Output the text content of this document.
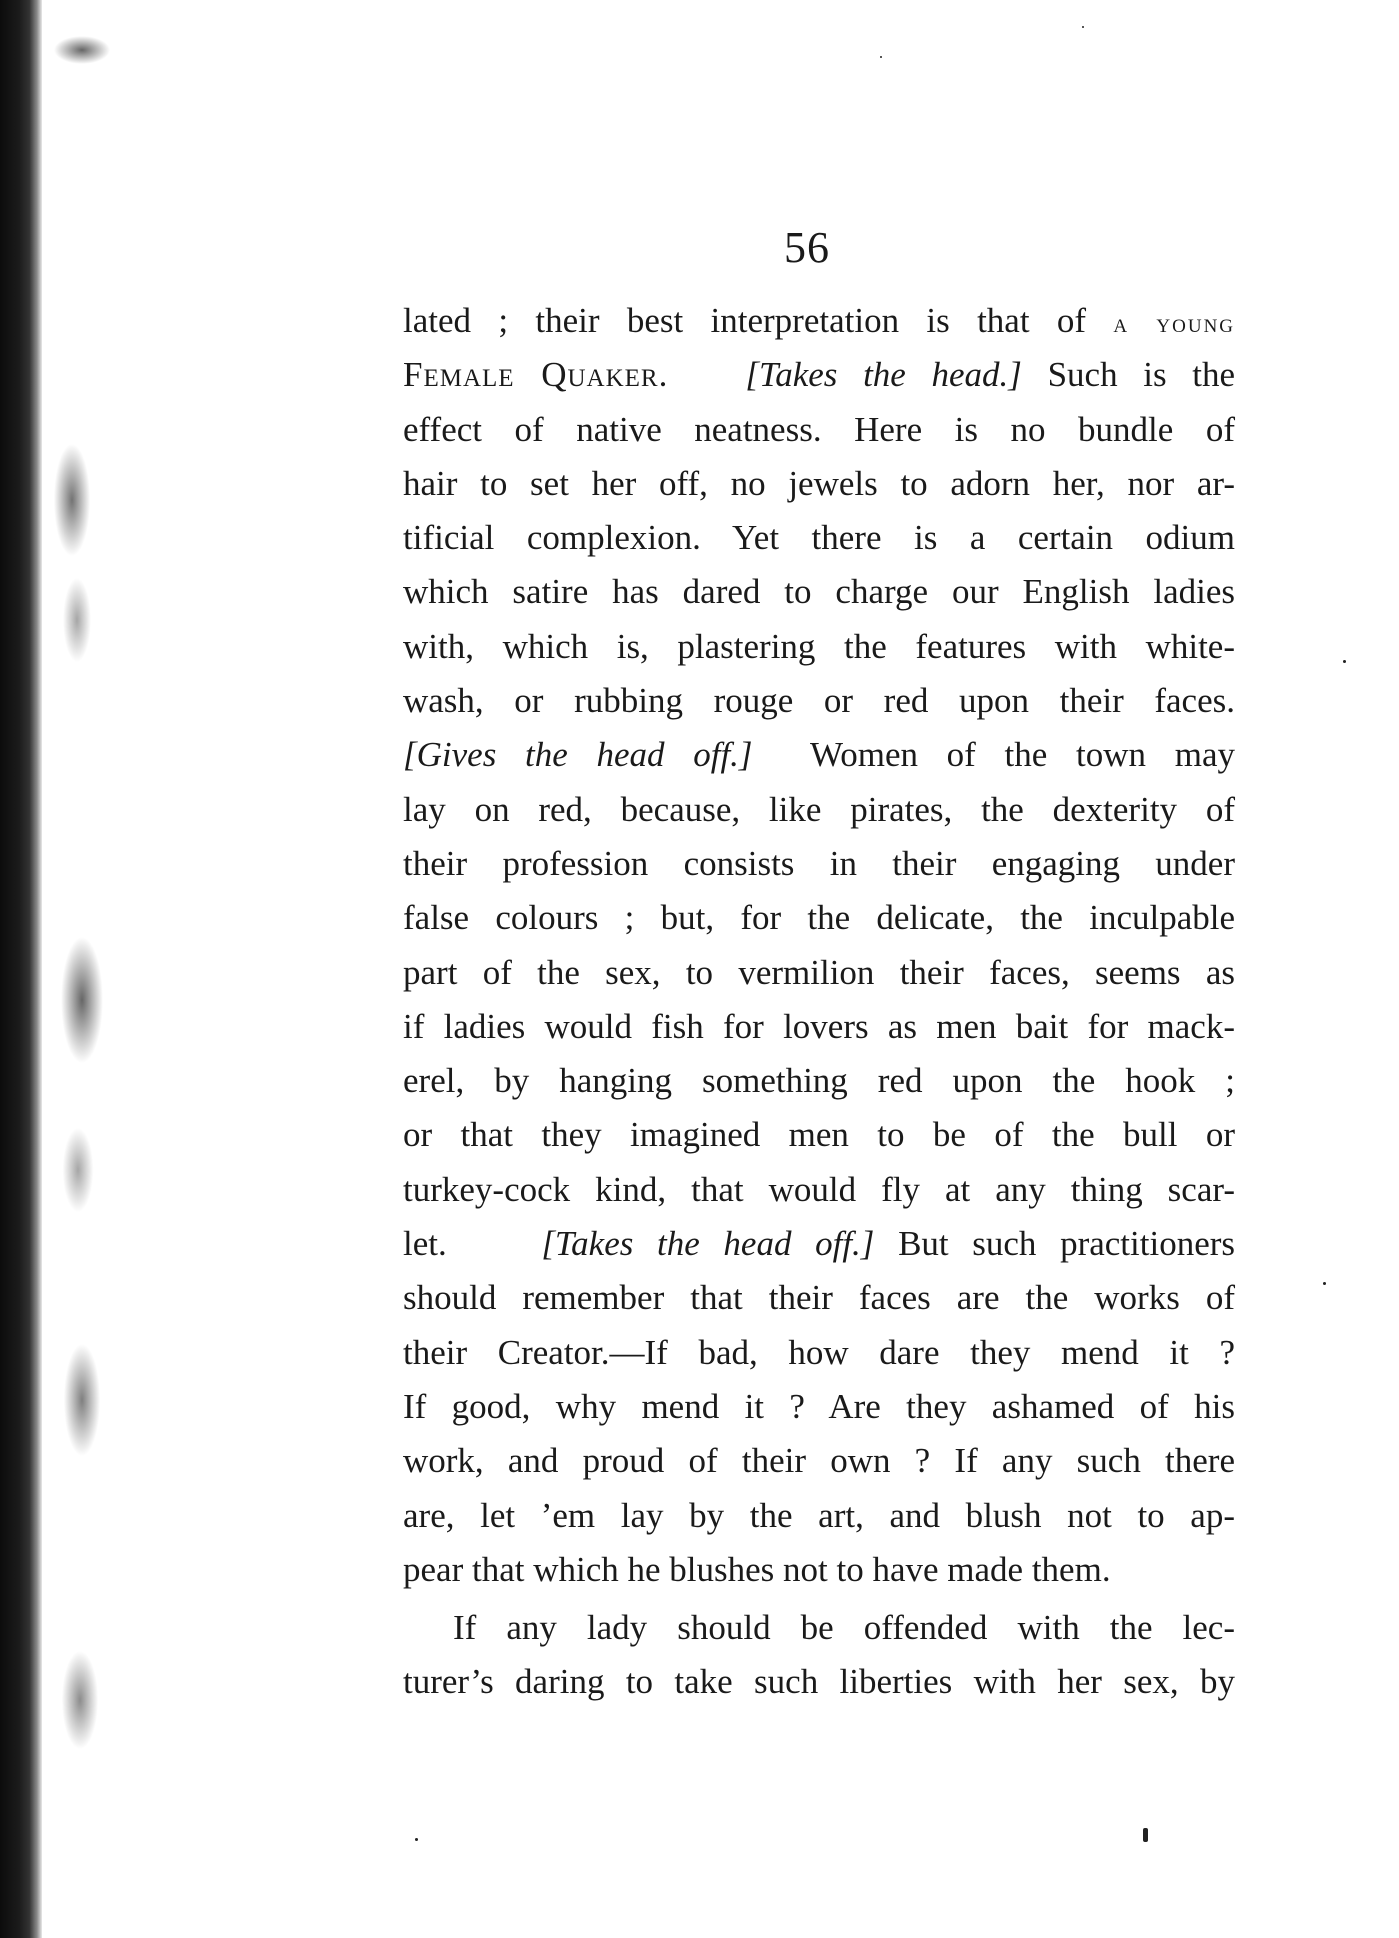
56
lated ; their best interpretation is that of a young
Female Quaker. [Takes the head.] Such is the
effect of native neatness. Here is no bundle of
hair to set her off, no jewels to adorn her, nor ar-
tificial complexion. Yet there is a certain odium
which satire has dared to charge our English ladies
with, which is, plastering the features with white-
wash, or rubbing rouge or red upon their faces.
[Gives the head off.] Women of the town may
lay on red, because, like pirates, the dexterity of
their profession consists in their engaging under
false colours ; but, for the delicate, the inculpable
part of the sex, to vermilion their faces, seems as
if ladies would fish for lovers as men bait for mack-
erel, by hanging something red upon the hook ;
or that they imagined men to be of the bull or
turkey-cock kind, that would fly at any thing scar-
let.	[Takes the head off.] But such practitioners
should remember that their faces are the works of
their Creator.—If bad, how dare they mend it ?
If good, why mend it ? Are they ashamed of his
work, and proud of their own ? If any such there
are, let ’em lay by the art, and blush not to ap-
pear that which he blushes not to have made them.
If any lady should be offended with the lec-
turer’s daring to take such liberties with her sex, by
